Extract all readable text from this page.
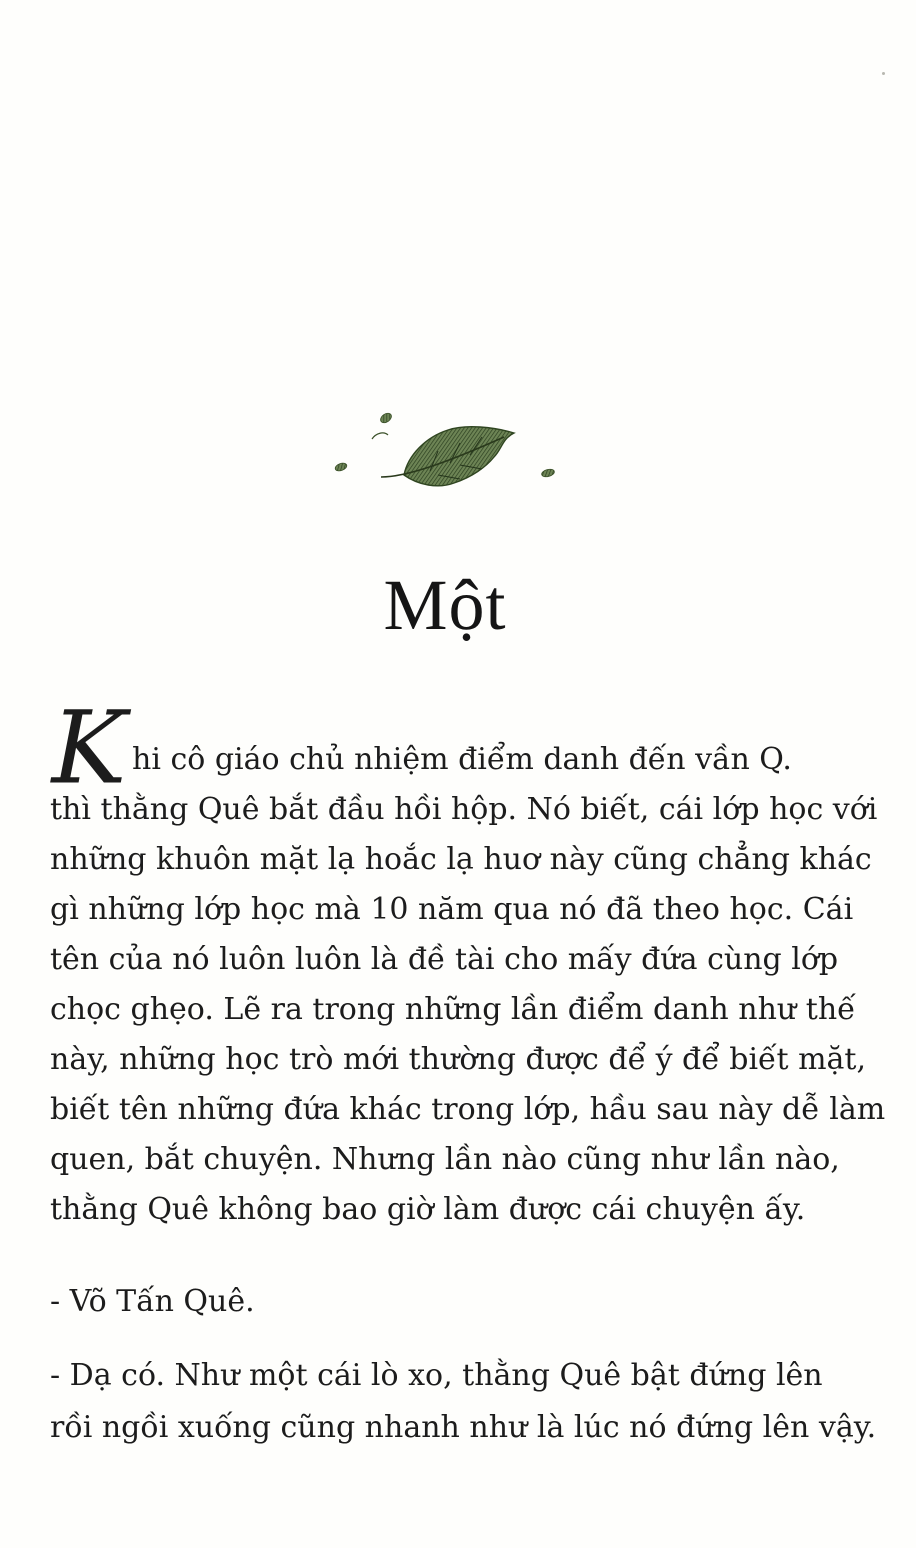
Một
K hi cô giáo chủ nhiệm điểm danh đến vần Q.
thì thằng Quê bắt đầu hồi hộp. Nó biết, cái lớp học với
những khuôn mặt lạ hoắc lạ huơ này cũng chẳng khác
gì những lớp học mà 10 năm qua nó đã theo học. Cái
tên của nó luôn luôn là đề tài cho mấy đứa cùng lớp
chọc ghẹo. Lẽ ra trong những lần điểm danh như thế
này, những học trò mới thường được để ý để biết mặt,
biết tên những đứa khác trong lớp, hầu sau này dễ làm
quen, bắt chuyện. Nhưng lần nào cũng như lần nào,
thằng Quê không bao giờ làm được cái chuyện ấy.
- Võ Tấn Quê.
- Dạ có. Như một cái lò xo, thằng Quê bật đứng lên
rồi ngồi xuống cũng nhanh như là lúc nó đứng lên vậy.
